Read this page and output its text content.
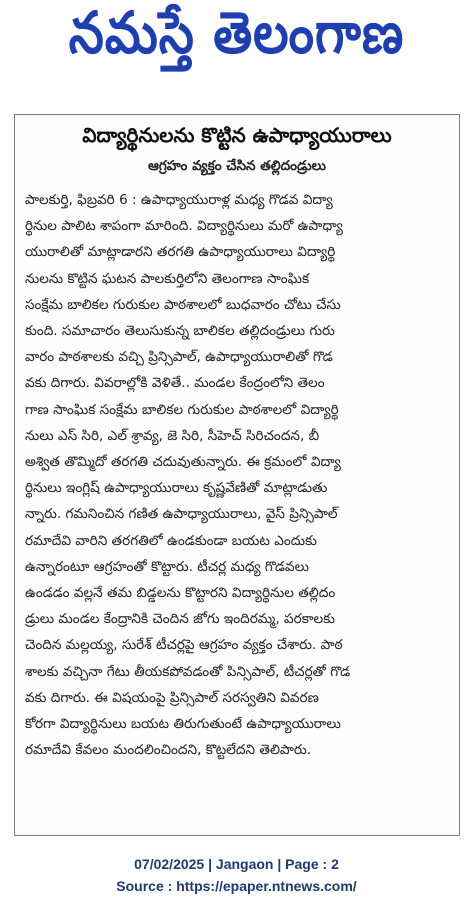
నమస్తే తెలంగాణ
విద్యార్థినులను కొట్టిన ఉపాధ్యాయురాలు
ఆగ్రహం వ్యక్తం చేసిన తల్లిదండ్రులు
పాలకుర్తి, ఫిబ్రవరి 6 : ఉపాధ్యాయురాళ్ల మధ్య గొడవ విద్యా
ర్థినుల పాలిట శాపంగా మారింది. విద్యార్థినులు మరో ఉపాధ్యా
యురాలితో మాట్లాడారని తరగతి ఉపాధ్యాయురాలు విద్యార్థి
నులను కొట్టిన ఘటన పాలకుర్తిలోని తెలంగాణ సాంఘిక
సంక్షేమ బాలికల గురుకుల పాఠశాలలో బుధవారం చోటు చేసు
కుంది. సమాచారం తెలుసుకున్న బాలికల తల్లిదండ్రులు గురు
వారం పాఠశాలకు వచ్చి ప్రిన్సిపాల్, ఉపాధ్యాయురాలితో గొడ
వకు దిగారు. వివరాల్లోకి వెళితే.. మండల కేంద్రంలోని తెలం
గాణ సాంఘిక సంక్షేమ బాలికల గురుకుల పాఠశాలలో విద్యార్థి
నులు ఎస్ సిరి, ఎల్ శ్రావ్య, జె సిరి, సీహెచ్ సిరిచందన, బీ
అశ్విత తొమ్మిదో తరగతి చదువుతున్నారు. ఈ క్రమంలో విద్యా
ర్థినులు ఇంగ్లిష్ ఉపాధ్యాయురాలు కృష్ణవేణితో మాట్లాడుతు
న్నారు. గమనించిన గణిత ఉపాధ్యాయురాలు, వైస్ ప్రిన్సిపాల్
రమాదేవి వారిని తరగతిలో ఉండకుండా బయట ఎందుకు
ఉన్నారంటూ ఆగ్రహంతో కొట్టారు. టీచర్ల మధ్య గొడవలు
ఉండడం వల్లనే తమ బిడ్డలను కొట్టారని విద్యార్థినుల తల్లిదం
డ్రులు మండల కేంద్రానికి చెందిన జోగు ఇందిరమ్మ, పరకాలకు
చెందిన మల్లయ్య, సురేశ్ టీచర్లపై ఆగ్రహం వ్యక్తం చేశారు. పాఠ
శాలకు వచ్చినా గేటు తీయకపోవడంతో పిన్సిపాల్, టీచర్లతో గొడ
వకు దిగారు. ఈ విషయంపై ప్రిన్సిపాల్ సరస్వతిని వివరణ
కోరగా విద్యార్థినులు బయట తిరుగుతుంటే ఉపాధ్యాయురాలు
రమాదేవి కేవలం మందలించిందని, కొట్టలేదని తెలిపారు.
07/02/2025 | Jangaon | Page : 2
Source : https://epaper.ntnews.com/
